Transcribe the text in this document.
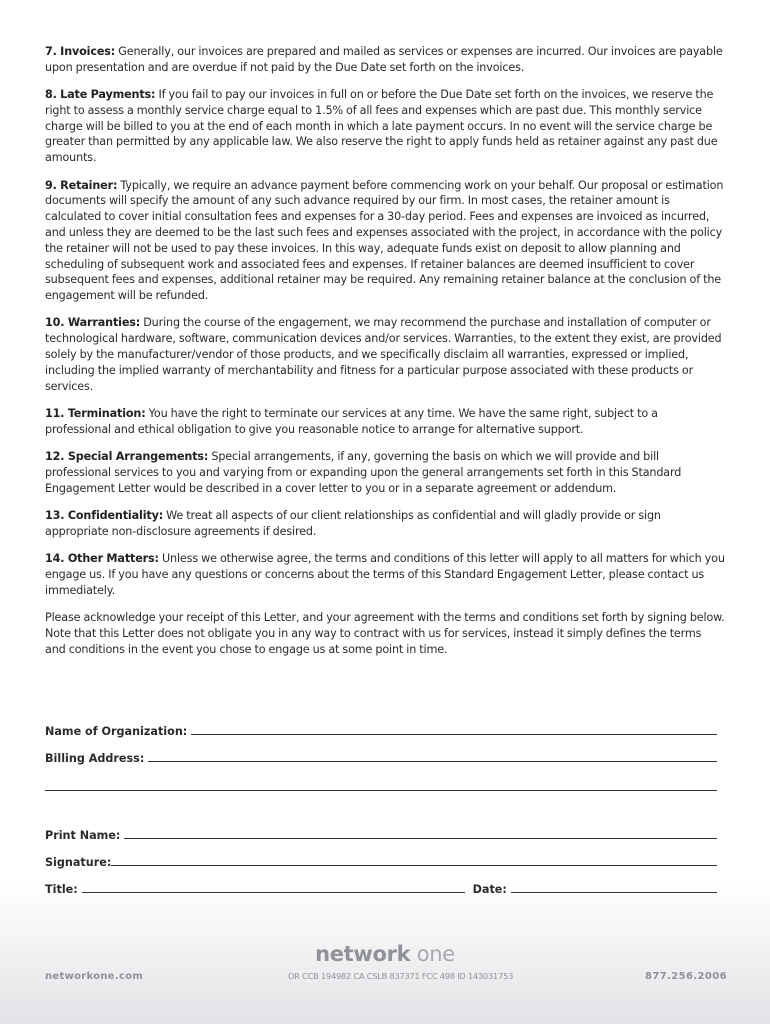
7. Invoices: Generally, our invoices are prepared and mailed as services or expenses are incurred. Our invoices are payable upon presentation and are overdue if not paid by the Due Date set forth on the invoices.

8. Late Payments: If you fail to pay our invoices in full on or before the Due Date set forth on the invoices, we reserve the right to assess a monthly service charge equal to 1.5% of all fees and expenses which are past due. This monthly service charge will be billed to you at the end of each month in which a late payment occurs. In no event will the service charge be greater than permitted by any applicable law. We also reserve the right to apply funds held as retainer against any past due amounts.

9. Retainer: Typically, we require an advance payment before commencing work on your behalf. Our proposal or estimation documents will specify the amount of any such advance required by our firm. In most cases, the retainer amount is calculated to cover initial consultation fees and expenses for a 30-day period. Fees and expenses are invoiced as incurred, and unless they are deemed to be the last such fees and expenses associated with the project, in accordance with the policy the retainer will not be used to pay these invoices. In this way, adequate funds exist on deposit to allow planning and scheduling of subsequent work and associated fees and expenses. If retainer balances are deemed insufficient to cover subsequent fees and expenses, additional retainer may be required. Any remaining retainer balance at the conclusion of the engagement will be refunded.

10. Warranties: During the course of the engagement, we may recommend the purchase and installation of computer or technological hardware, software, communication devices and/or services. Warranties, to the extent they exist, are provided solely by the manufacturer/vendor of those products, and we specifically disclaim all warranties, expressed or implied, including the implied warranty of merchantability and fitness for a particular purpose associated with these products or services.

11. Termination: You have the right to terminate our services at any time. We have the same right, subject to a professional and ethical obligation to give you reasonable notice to arrange for alternative support.

12. Special Arrangements: Special arrangements, if any, governing the basis on which we will provide and bill professional services to you and varying from or expanding upon the general arrangements set forth in this Standard Engagement Letter would be described in a cover letter to you or in a separate agreement or addendum.

13. Confidentiality: We treat all aspects of our client relationships as confidential and will gladly provide or sign appropriate non-disclosure agreements if desired.

14. Other Matters: Unless we otherwise agree, the terms and conditions of this letter will apply to all matters for which you engage us. If you have any questions or concerns about the terms of this Standard Engagement Letter, please contact us immediately.

Please acknowledge your receipt of this Letter, and your agreement with the terms and conditions set forth by signing below. Note that this Letter does not obligate you in any way to contract with us for services, instead it simply defines the terms and conditions in the event you chose to engage us at some point in time.

Name of Organization:
Billing Address:
Print Name:
Signature:
Title:	Date:
network one
networkone.com	OR CCB 194982 CA CSLB 837371 FCC 498 ID 143031753	877.256.2006
